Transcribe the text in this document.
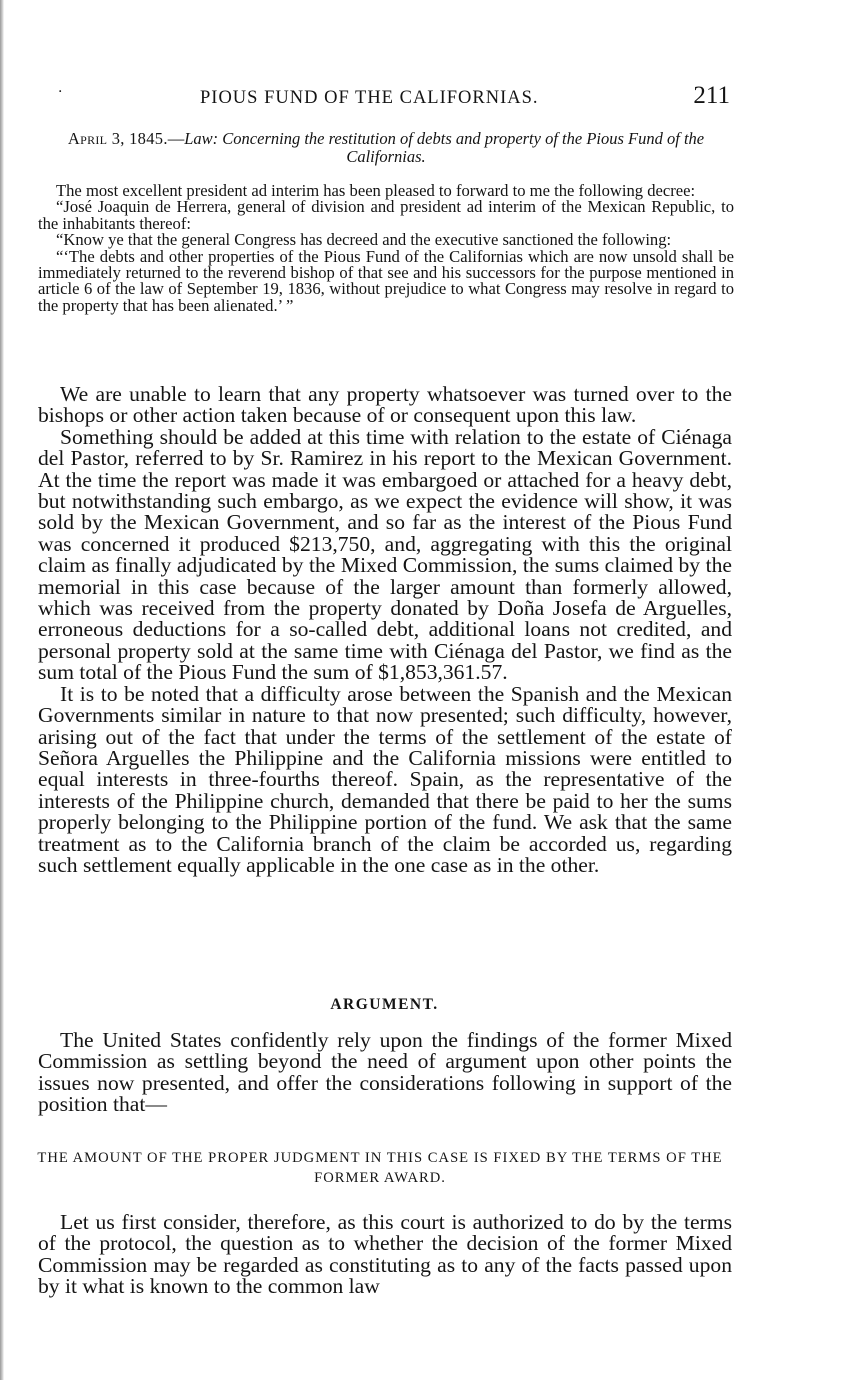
·	PIOUS FUND OF THE CALIFORNIAS.	211
April 3, 1845.—Law: Concerning the restitution of debts and property of the Pious Fund of the Californias.

The most excellent president ad interim has been pleased to forward to me the following decree:

“José Joaquin de Herrera, general of division and president ad interim of the Mexican Republic, to the inhabitants thereof:

“Know ye that the general Congress has decreed and the executive sanctioned the following:

“‘The debts and other properties of the Pious Fund of the Californias which are now unsold shall be immediately returned to the reverend bishop of that see and his successors for the purpose mentioned in article 6 of the law of September 19, 1836, without prejudice to what Congress may resolve in regard to the property that has been alienated.’ ”

We are unable to learn that any property whatsoever was turned over to the bishops or other action taken because of or consequent upon this law.

Something should be added at this time with relation to the estate of Ciénaga del Pastor, referred to by Sr. Ramirez in his report to the Mexican Government. At the time the report was made it was embargoed or attached for a heavy debt, but notwithstanding such embargo, as we expect the evidence will show, it was sold by the Mexican Government, and so far as the interest of the Pious Fund was concerned it produced $213,750, and, aggregating with this the original claim as finally adjudicated by the Mixed Commission, the sums claimed by the memorial in this case because of the larger amount than formerly allowed, which was received from the property donated by Doña Josefa de Arguelles, erroneous deductions for a so-called debt, additional loans not credited, and personal property sold at the same time with Ciénaga del Pastor, we find as the sum total of the Pious Fund the sum of $1,853,361.57.

It is to be noted that a difficulty arose between the Spanish and the Mexican Governments similar in nature to that now presented; such difficulty, however, arising out of the fact that under the terms of the settlement of the estate of Señora Arguelles the Philippine and the California missions were entitled to equal interests in three-fourths thereof. Spain, as the representative of the interests of the Philippine church, demanded that there be paid to her the sums properly belonging to the Philippine portion of the fund. We ask that the same treatment as to the California branch of the claim be accorded us, regarding such settlement equally applicable in the one case as in the other.

ARGUMENT.

The United States confidently rely upon the findings of the former Mixed Commission as settling beyond the need of argument upon other points the issues now presented, and offer the considerations following in support of the position that—

THE AMOUNT OF THE PROPER JUDGMENT IN THIS CASE IS FIXED BY THE TERMS OF THE FORMER AWARD.

Let us first consider, therefore, as this court is authorized to do by the terms of the protocol, the question as to whether the decision of the former Mixed Commission may be regarded as constituting as to any of the facts passed upon by it what is known to the common law
